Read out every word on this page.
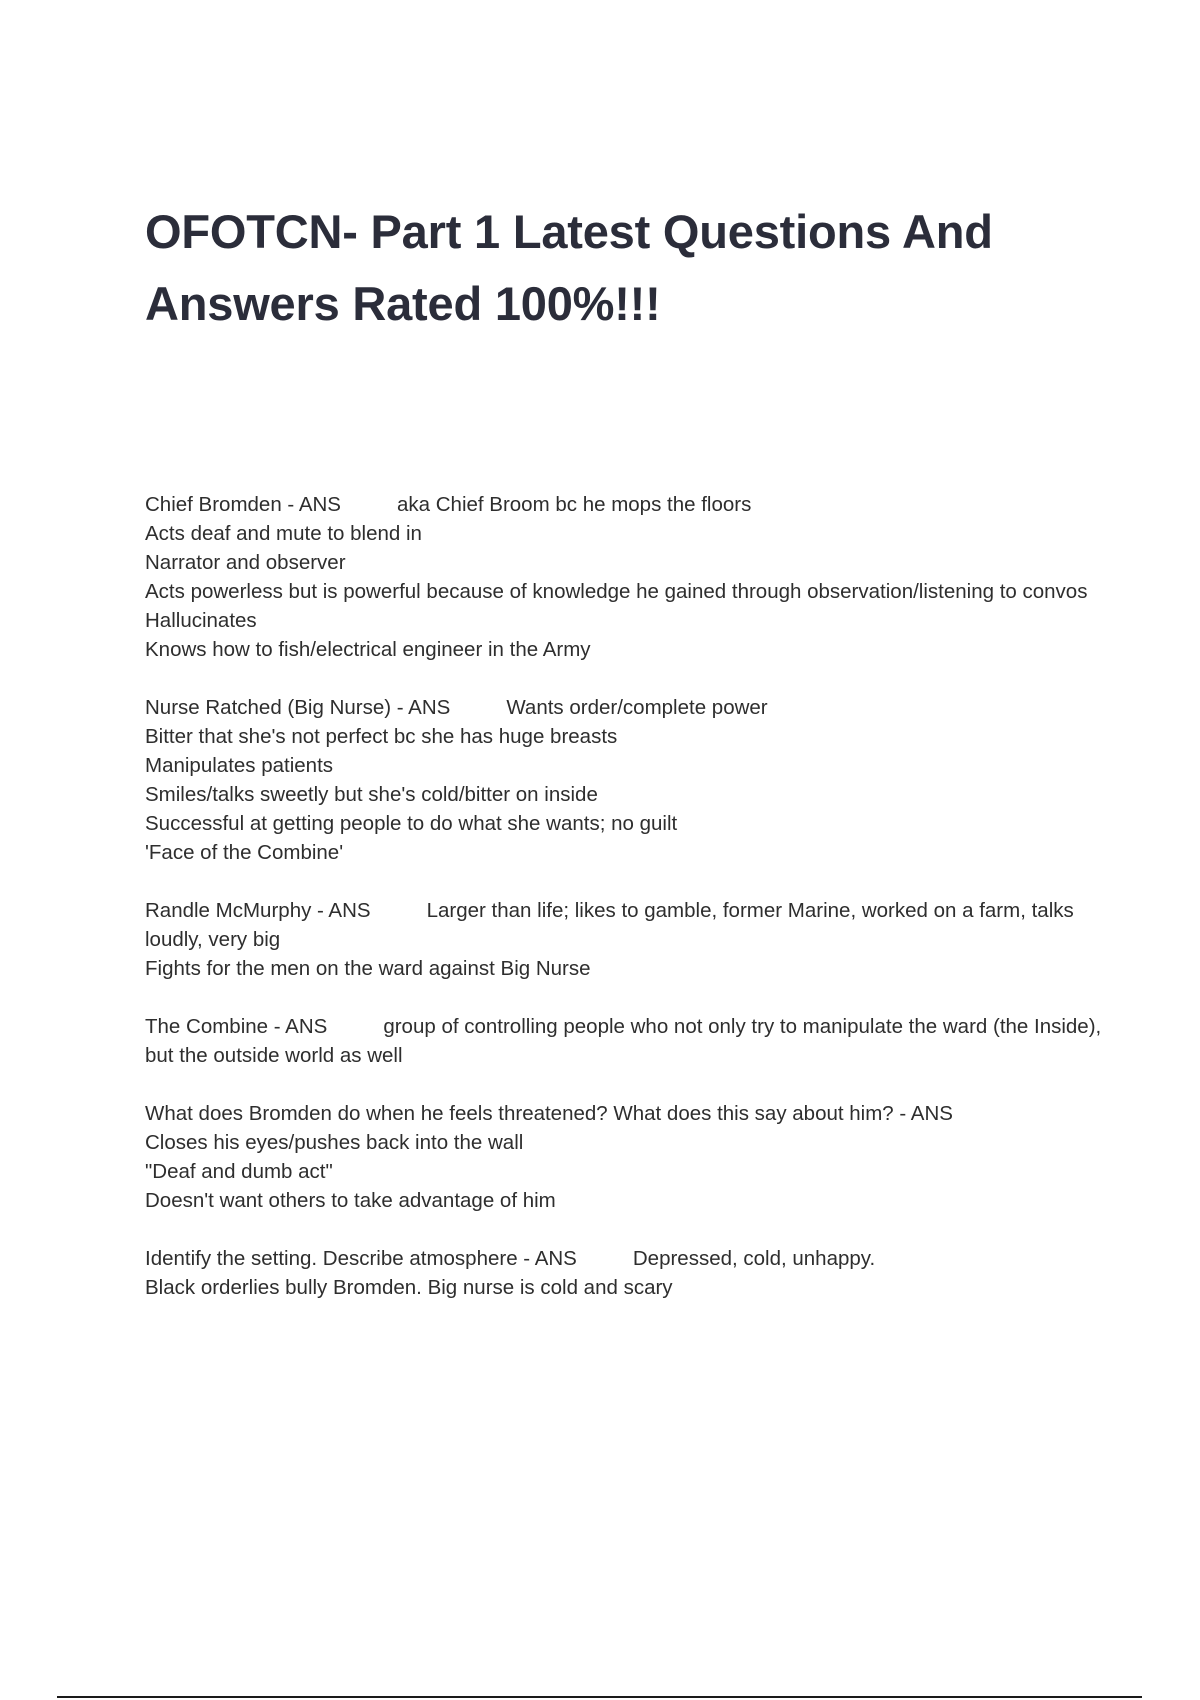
OFOTCN- Part 1 Latest Questions And Answers Rated 100%!!!
Chief Bromden - ANS	aka Chief Broom bc he mops the floors
Acts deaf and mute to blend in
Narrator and observer
Acts powerless but is powerful because of knowledge he gained through observation/listening to convos
Hallucinates
Knows how to fish/electrical engineer in the Army
Nurse Ratched (Big Nurse) - ANS	Wants order/complete power
Bitter that she's not perfect bc she has huge breasts
Manipulates patients
Smiles/talks sweetly but she's cold/bitter on inside
Successful at getting people to do what she wants; no guilt
'Face of the Combine'
Randle McMurphy - ANS	Larger than life; likes to gamble, former Marine, worked on a farm, talks loudly, very big
Fights for the men on the ward against Big Nurse
The Combine - ANS	group of controlling people who not only try to manipulate the ward (the Inside), but the outside world as well
What does Bromden do when he feels threatened? What does this say about him? - ANS
Closes his eyes/pushes back into the wall
"Deaf and dumb act"
Doesn't want others to take advantage of him
Identify the setting. Describe atmosphere - ANS	Depressed, cold, unhappy.
Black orderlies bully Bromden. Big nurse is cold and scary
